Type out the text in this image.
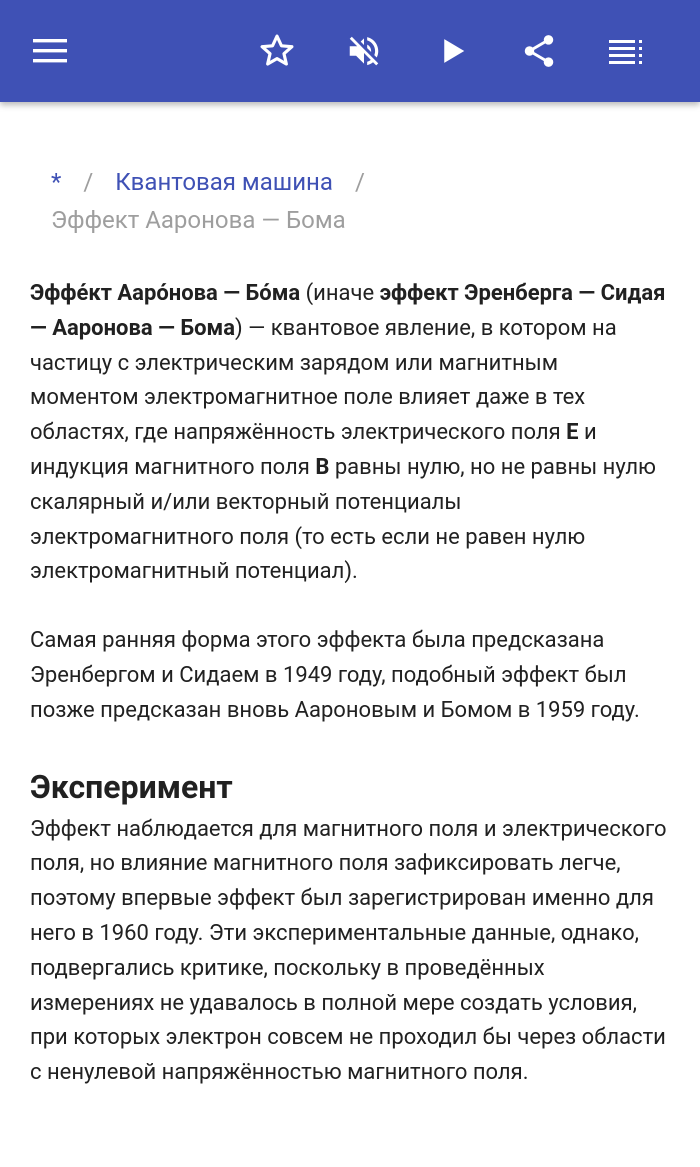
* / Квантовая машина /
Эффект Ааронова — Бома

Эффе́кт Ааро́нова — Бо́ма (иначе эффект Эренберга — Сидая — Ааронова — Бома) — квантовое явление, в котором на частицу с электрическим зарядом или магнитным моментом электромагнитное поле влияет даже в тех областях, где напряжённость электрического поля E и индукция магнитного поля B равны нулю, но не равны нулю скалярный и/или векторный потенциалы электромагнитного поля (то есть если не равен нулю электромагнитный потенциал).

Самая ранняя форма этого эффекта была предсказана Эренбергом и Сидаем в 1949 году, подобный эффект был позже предсказан вновь Аароновым и Бомом в 1959 году.

Эксперимент

Эффект наблюдается для магнитного поля и электрического поля, но влияние магнитного поля зафиксировать легче, поэтому впервые эффект был зарегистрирован именно для него в 1960 году. Эти экспериментальные данные, однако, подвергались критике, поскольку в проведённых измерениях не удавалось в полной мере создать условия, при которых электрон совсем не проходил бы через области с ненулевой напряжённостью магнитного поля.
